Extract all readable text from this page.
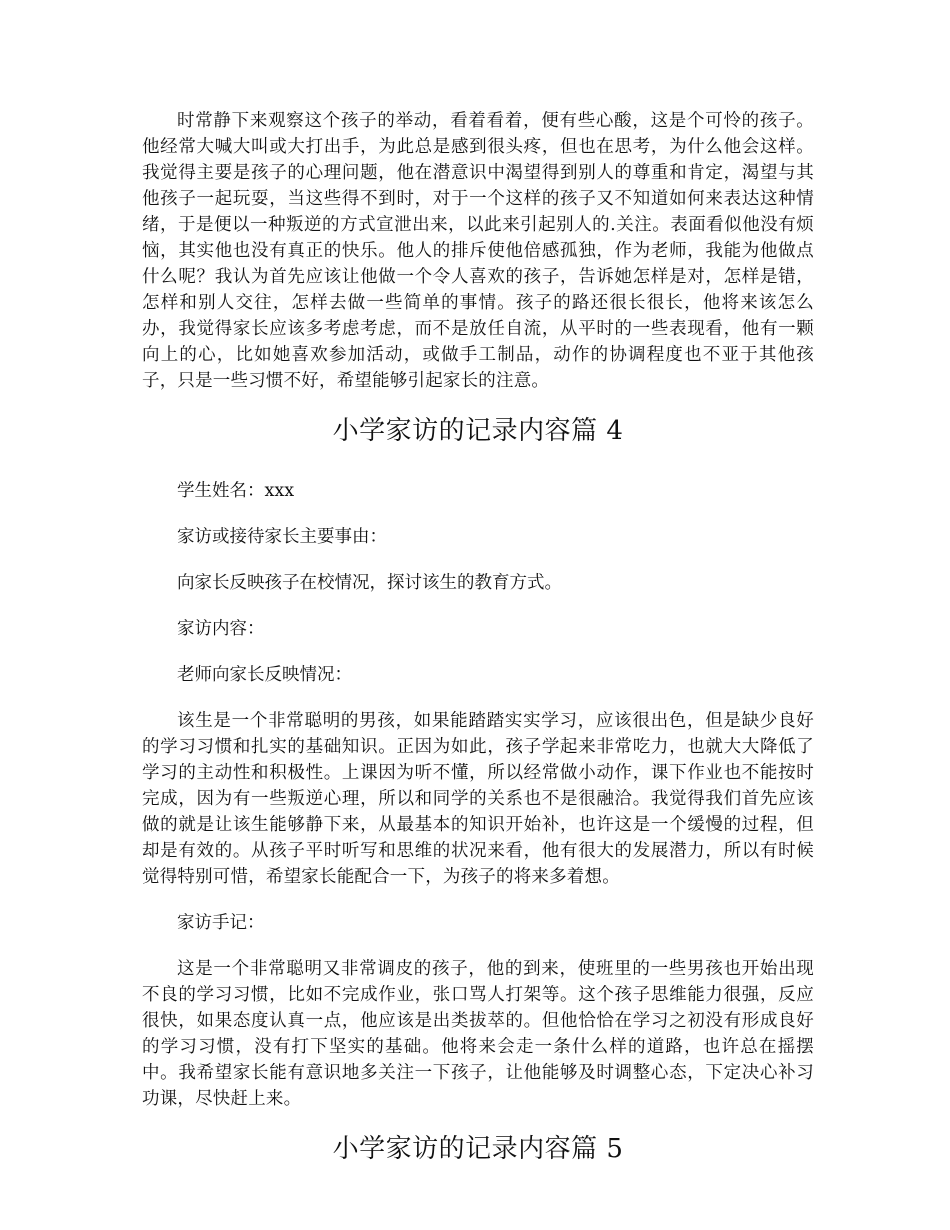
时常静下来观察这个孩子的举动，看着看着，便有些心酸，这是个可怜的孩子。他经常大喊大叫或大打出手，为此总是感到很头疼，但也在思考，为什么他会这样。我觉得主要是孩子的心理问题，他在潜意识中渴望得到别人的尊重和肯定，渴望与其他孩子一起玩耍，当这些得不到时，对于一个这样的孩子又不知道如何来表达这种情绪，于是便以一种叛逆的方式宣泄出来，以此来引起别人的.关注。表面看似他没有烦恼，其实他也没有真正的快乐。他人的排斥使他倍感孤独，作为老师，我能为他做点什么呢？我认为首先应该让他做一个令人喜欢的孩子，告诉她怎样是对，怎样是错，怎样和别人交往，怎样去做一些简单的事情。孩子的路还很长很长，他将来该怎么办，我觉得家长应该多考虑考虑，而不是放任自流，从平时的一些表现看，他有一颗向上的心，比如她喜欢参加活动，或做手工制品，动作的协调程度也不亚于其他孩子，只是一些习惯不好，希望能够引起家长的注意。

小学家访的记录内容篇 4

学生姓名：xxx

家访或接待家长主要事由：

向家长反映孩子在校情况，探讨该生的教育方式。

家访内容：

老师向家长反映情况：

该生是一个非常聪明的男孩，如果能踏踏实实学习，应该很出色，但是缺少良好的学习习惯和扎实的基础知识。正因为如此，孩子学起来非常吃力，也就大大降低了学习的主动性和积极性。上课因为听不懂，所以经常做小动作，课下作业也不能按时完成，因为有一些叛逆心理，所以和同学的关系也不是很融洽。我觉得我们首先应该做的就是让该生能够静下来，从最基本的知识开始补，也许这是一个缓慢的过程，但却是有效的。从孩子平时听写和思维的状况来看，他有很大的发展潜力，所以有时候觉得特别可惜，希望家长能配合一下，为孩子的将来多着想。

家访手记：

这是一个非常聪明又非常调皮的孩子，他的到来，使班里的一些男孩也开始出现不良的学习习惯，比如不完成作业，张口骂人打架等。这个孩子思维能力很强，反应很快，如果态度认真一点，他应该是出类拔萃的。但他恰恰在学习之初没有形成良好的学习习惯，没有打下坚实的基础。他将来会走一条什么样的道路，也许总在摇摆中。我希望家长能有意识地多关注一下孩子，让他能够及时调整心态，下定决心补习功课，尽快赶上来。

小学家访的记录内容篇 5
